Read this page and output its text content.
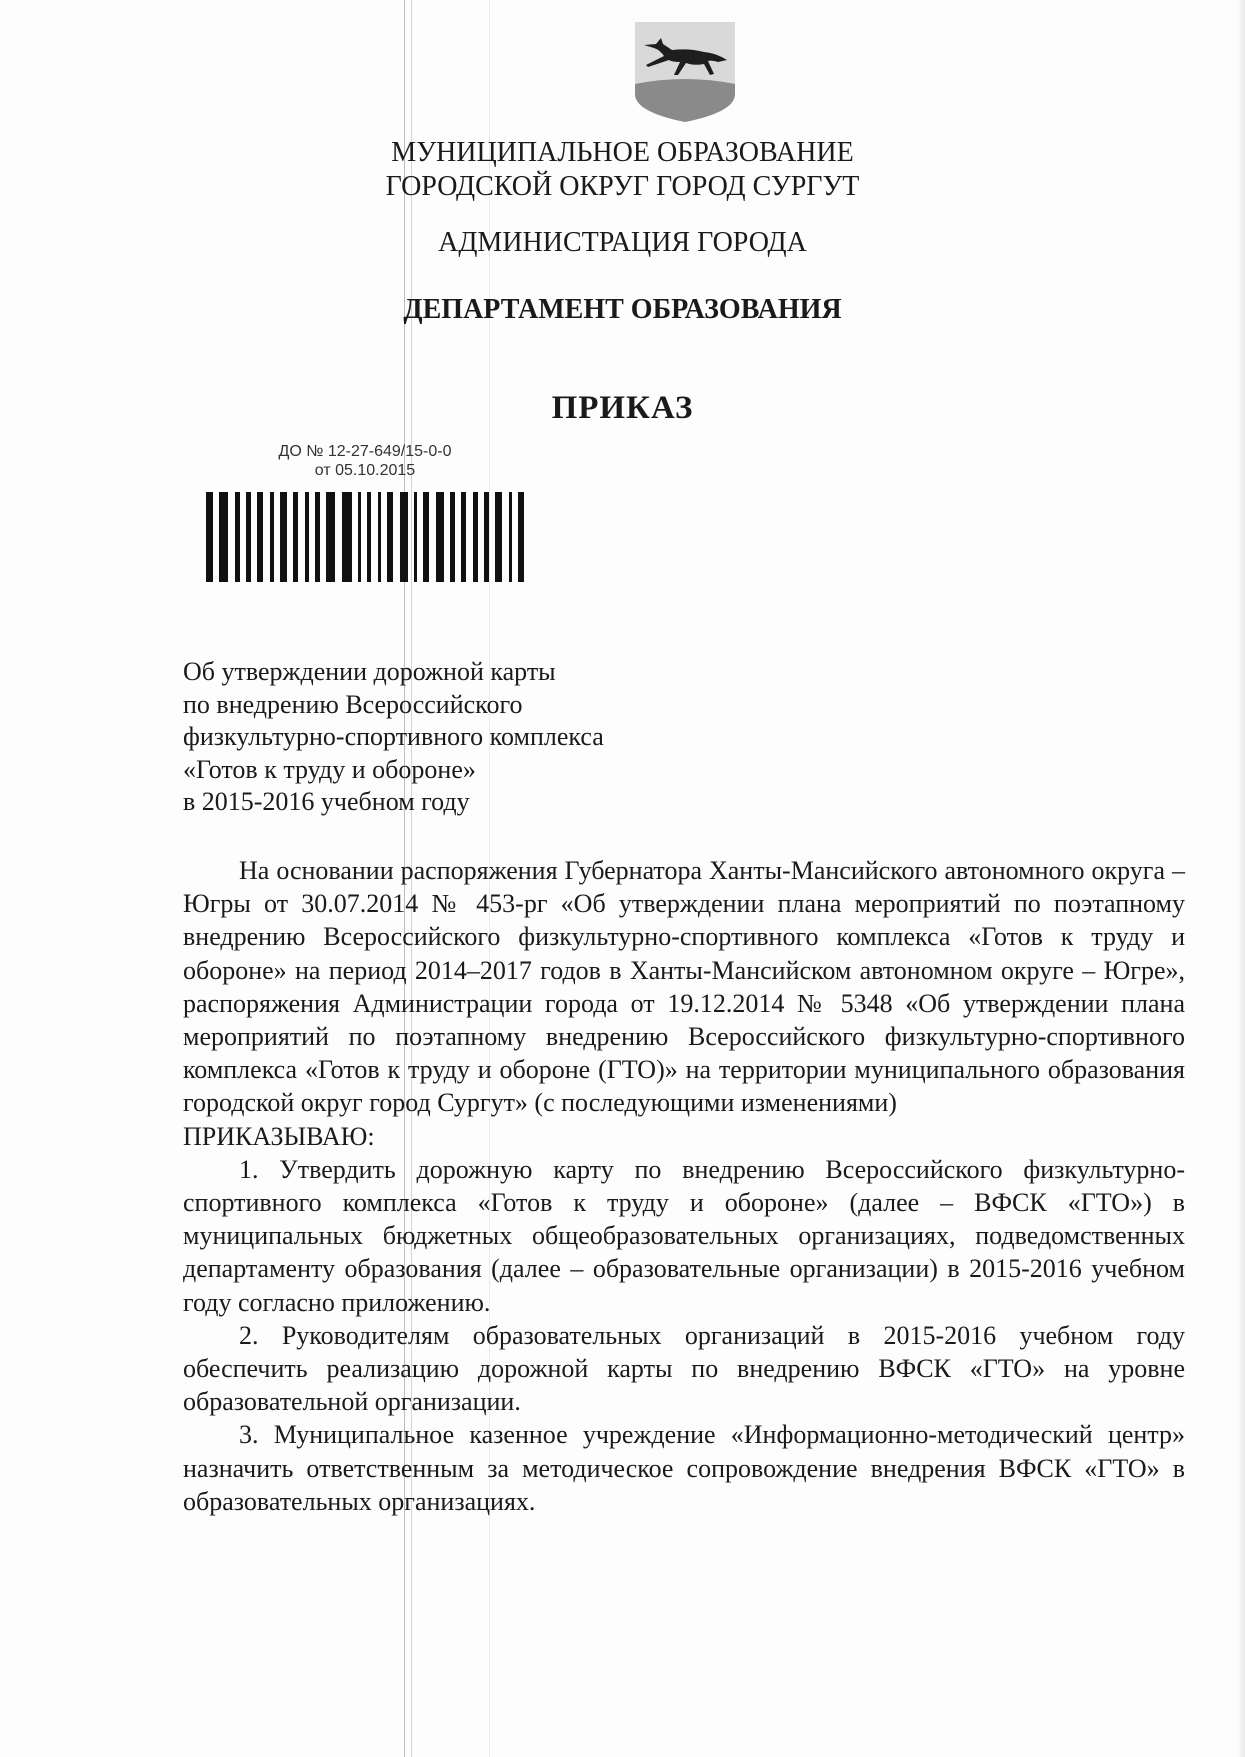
МУНИЦИПАЛЬНОЕ ОБРАЗОВАНИЕ
ГОРОДСКОЙ ОКРУГ ГОРОД СУРГУТ
АДМИНИСТРАЦИЯ ГОРОДА
ДЕПАРТАМЕНТ ОБРАЗОВАНИЯ
ПРИКАЗ
ДО № 12-27-649/15-0-0
от 05.10.2015
Об утверждении дорожной карты
по внедрению Всероссийского
физкультурно-спортивного комплекса
«Готов к труду и обороне»
в 2015-2016 учебном году

На основании распоряжения Губернатора Ханты-Мансийского автономного округа – Югры от 30.07.2014 № 453-рг «Об утверждении плана мероприятий по поэтапному внедрению Всероссийского физкультурно-спортивного комплекса «Готов к труду и обороне» на период 2014–2017 годов в Ханты-Мансийском автономном округе – Югре», распоряжения Администрации города от 19.12.2014 № 5348 «Об утверждении плана мероприятий по поэтапному внедрению Всероссийского физкультурно-спортивного комплекса «Готов к труду и обороне (ГТО)» на территории муниципального образования городской округ город Сургут» (с последующими изменениями)

ПРИКАЗЫВАЮ:

1. Утвердить дорожную карту по внедрению Всероссийского физкультурно-спортивного комплекса «Готов к труду и обороне» (далее – ВФСК «ГТО») в муниципальных бюджетных общеобразовательных организациях, подведомственных департаменту образования (далее – образовательные организации) в 2015-2016 учебном году согласно приложению.

2. Руководителям образовательных организаций в 2015-2016 учебном году обеспечить реализацию дорожной карты по внедрению ВФСК «ГТО» на уровне образовательной организации.

3. Муниципальное казенное учреждение «Информационно-методический центр» назначить ответственным за методическое сопровождение внедрения ВФСК «ГТО» в образовательных организациях.
